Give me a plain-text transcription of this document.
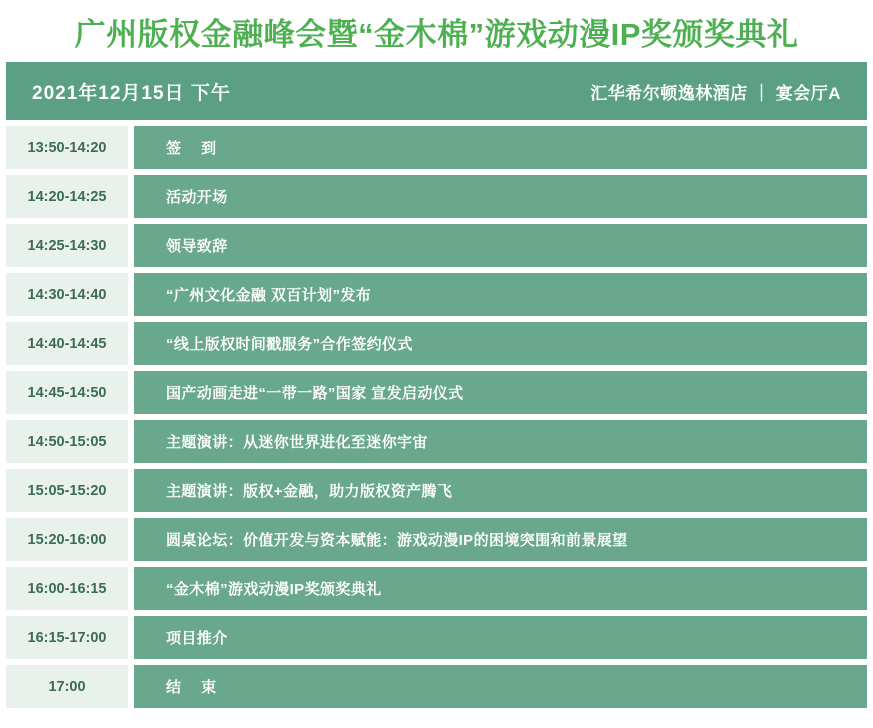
广州版权金融峰会暨“金木棉”游戏动漫IP奖颁奖典礼
2021年12月15日 下午	汇华希尔顿逸林酒店 ｜ 宴会厅A
13:50-14:20	签 到
14:20-14:25	活动开场
14:25-14:30	领导致辞
14:30-14:40	“广州文化金融 双百计划”发布
14:40-14:45	“线上版权时间戳服务”合作签约仪式
14:45-14:50	国产动画走进“一带一路”国家 宣发启动仪式
14:50-15:05	主题演讲：从迷你世界进化至迷你宇宙
15:05-15:20	主题演讲：版权+金融，助力版权资产腾飞
15:20-16:00	圆桌论坛：价值开发与资本赋能：游戏动漫IP的困境突围和前景展望
16:00-16:15	“金木棉”游戏动漫IP奖颁奖典礼
16:15-17:00	项目推介
17:00	结 束
